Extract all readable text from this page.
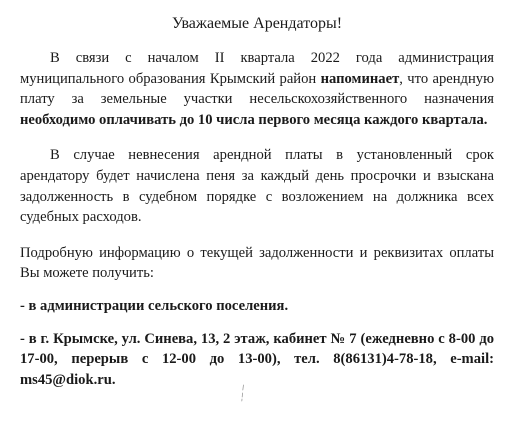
Уважаемые Арендаторы!
В связи с началом II квартала 2022 года администрация муниципального образования Крымский район напоминает, что арендную плату за земельные участки несельскохозяйственного назначения необходимо оплачивать до 10 числа первого месяца каждого квартала.
В случае невнесения арендной платы в установленный срок арендатору будет начислена пеня за каждый день просрочки и взыскана задолженность в судебном порядке с возложением на должника всех судебных расходов.
Подробную информацию о текущей задолженности и реквизитах оплаты Вы можете получить:
- в администрации сельского поселения.
- в г. Крымске, ул. Синева, 13, 2 этаж, кабинет № 7 (ежедневно с 8-00 до 17-00, перерыв с 12-00 до 13-00), тел. 8(86131)4-78-18, e-mail: ms45@diok.ru.
